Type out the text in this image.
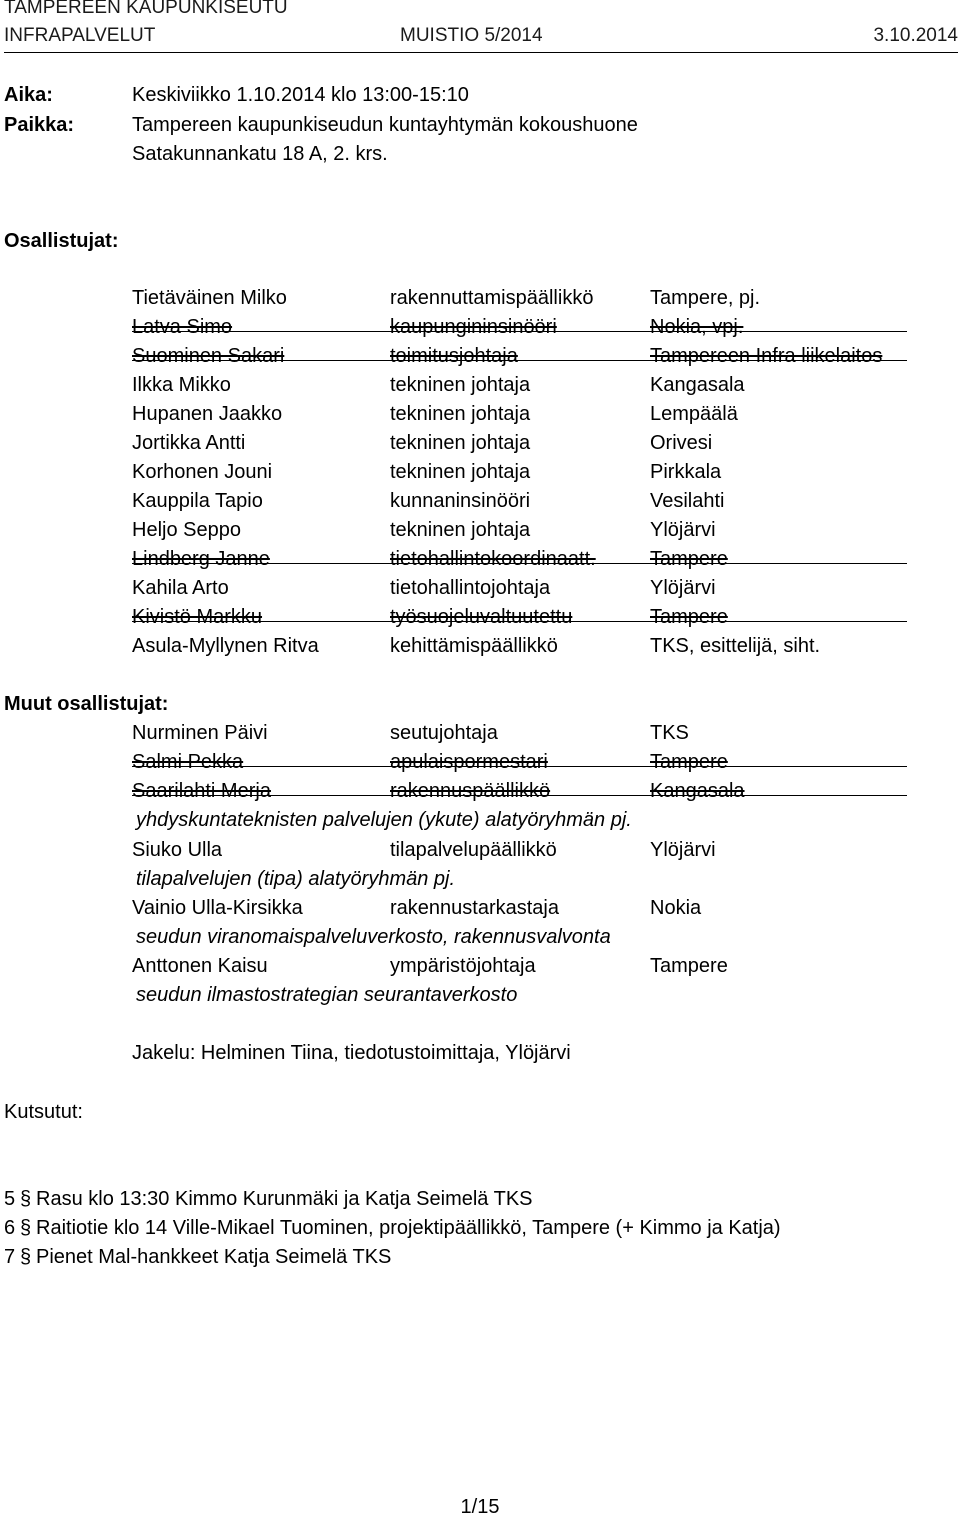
TAMPEREEN KAUPUNKISEUTU
INFRAPALVELUT	MUISTIO 5/2014	3.10.2014
Aika:	Keskiviikko 1.10.2014 klo 13:00-15:10
Paikka:	Tampereen kaupunkiseudun kuntayhtymän kokoushuone
Satakunnankatu 18 A, 2. krs.
Osallistujat:
Tietäväinen Milko	rakennuttamispäällikkö	Tampere, pj.
Latva Simo	kaupungininsinööri	Nokia, vpj.
Suominen Sakari	toimitusjohtaja	Tampereen Infra liikelaitos
Ilkka Mikko	tekninen johtaja	Kangasala
Hupanen Jaakko	tekninen johtaja	Lempäälä
Jortikka Antti	tekninen johtaja	Orivesi
Korhonen Jouni	tekninen johtaja	Pirkkala
Kauppila Tapio	kunnaninsinööri	Vesilahti
Heljo Seppo	tekninen johtaja	Ylöjärvi
Lindberg Janne	tietohallintokoordinaatt.	Tampere
Kahila Arto	tietohallintojohtaja	Ylöjärvi
Kivistö Markku	työsuojeluvaltuutettu	Tampere
Asula-Myllynen Ritva	kehittämispäällikkö	TKS, esittelijä, siht.
Muut osallistujat:
Nurminen Päivi	seutujohtaja	TKS
Salmi Pekka	apulaispormestari	Tampere
Saarilahti Merja	rakennuspäällikkö	Kangasala
yhdyskuntateknisten palvelujen (ykute) alatyöryhmän pj.
Siuko Ulla	tilapalvelupäällikkö	Ylöjärvi
tilapalvelujen (tipa) alatyöryhmän pj.
Vainio Ulla-Kirsikka	rakennustarkastaja	Nokia
seudun viranomaispalveluverkosto, rakennusvalvonta
Anttonen Kaisu	ympäristöjohtaja	Tampere
seudun ilmastostrategian seurantaverkosto
Jakelu: Helminen Tiina, tiedotustoimittaja, Ylöjärvi
Kutsutut:
5 § Rasu klo 13:30 Kimmo Kurunmäki ja Katja Seimelä TKS
6 § Raitiotie klo 14 Ville-Mikael Tuominen, projektipäällikkö, Tampere (+ Kimmo ja Katja)
7 § Pienet Mal-hankkeet Katja Seimelä TKS
1/15
